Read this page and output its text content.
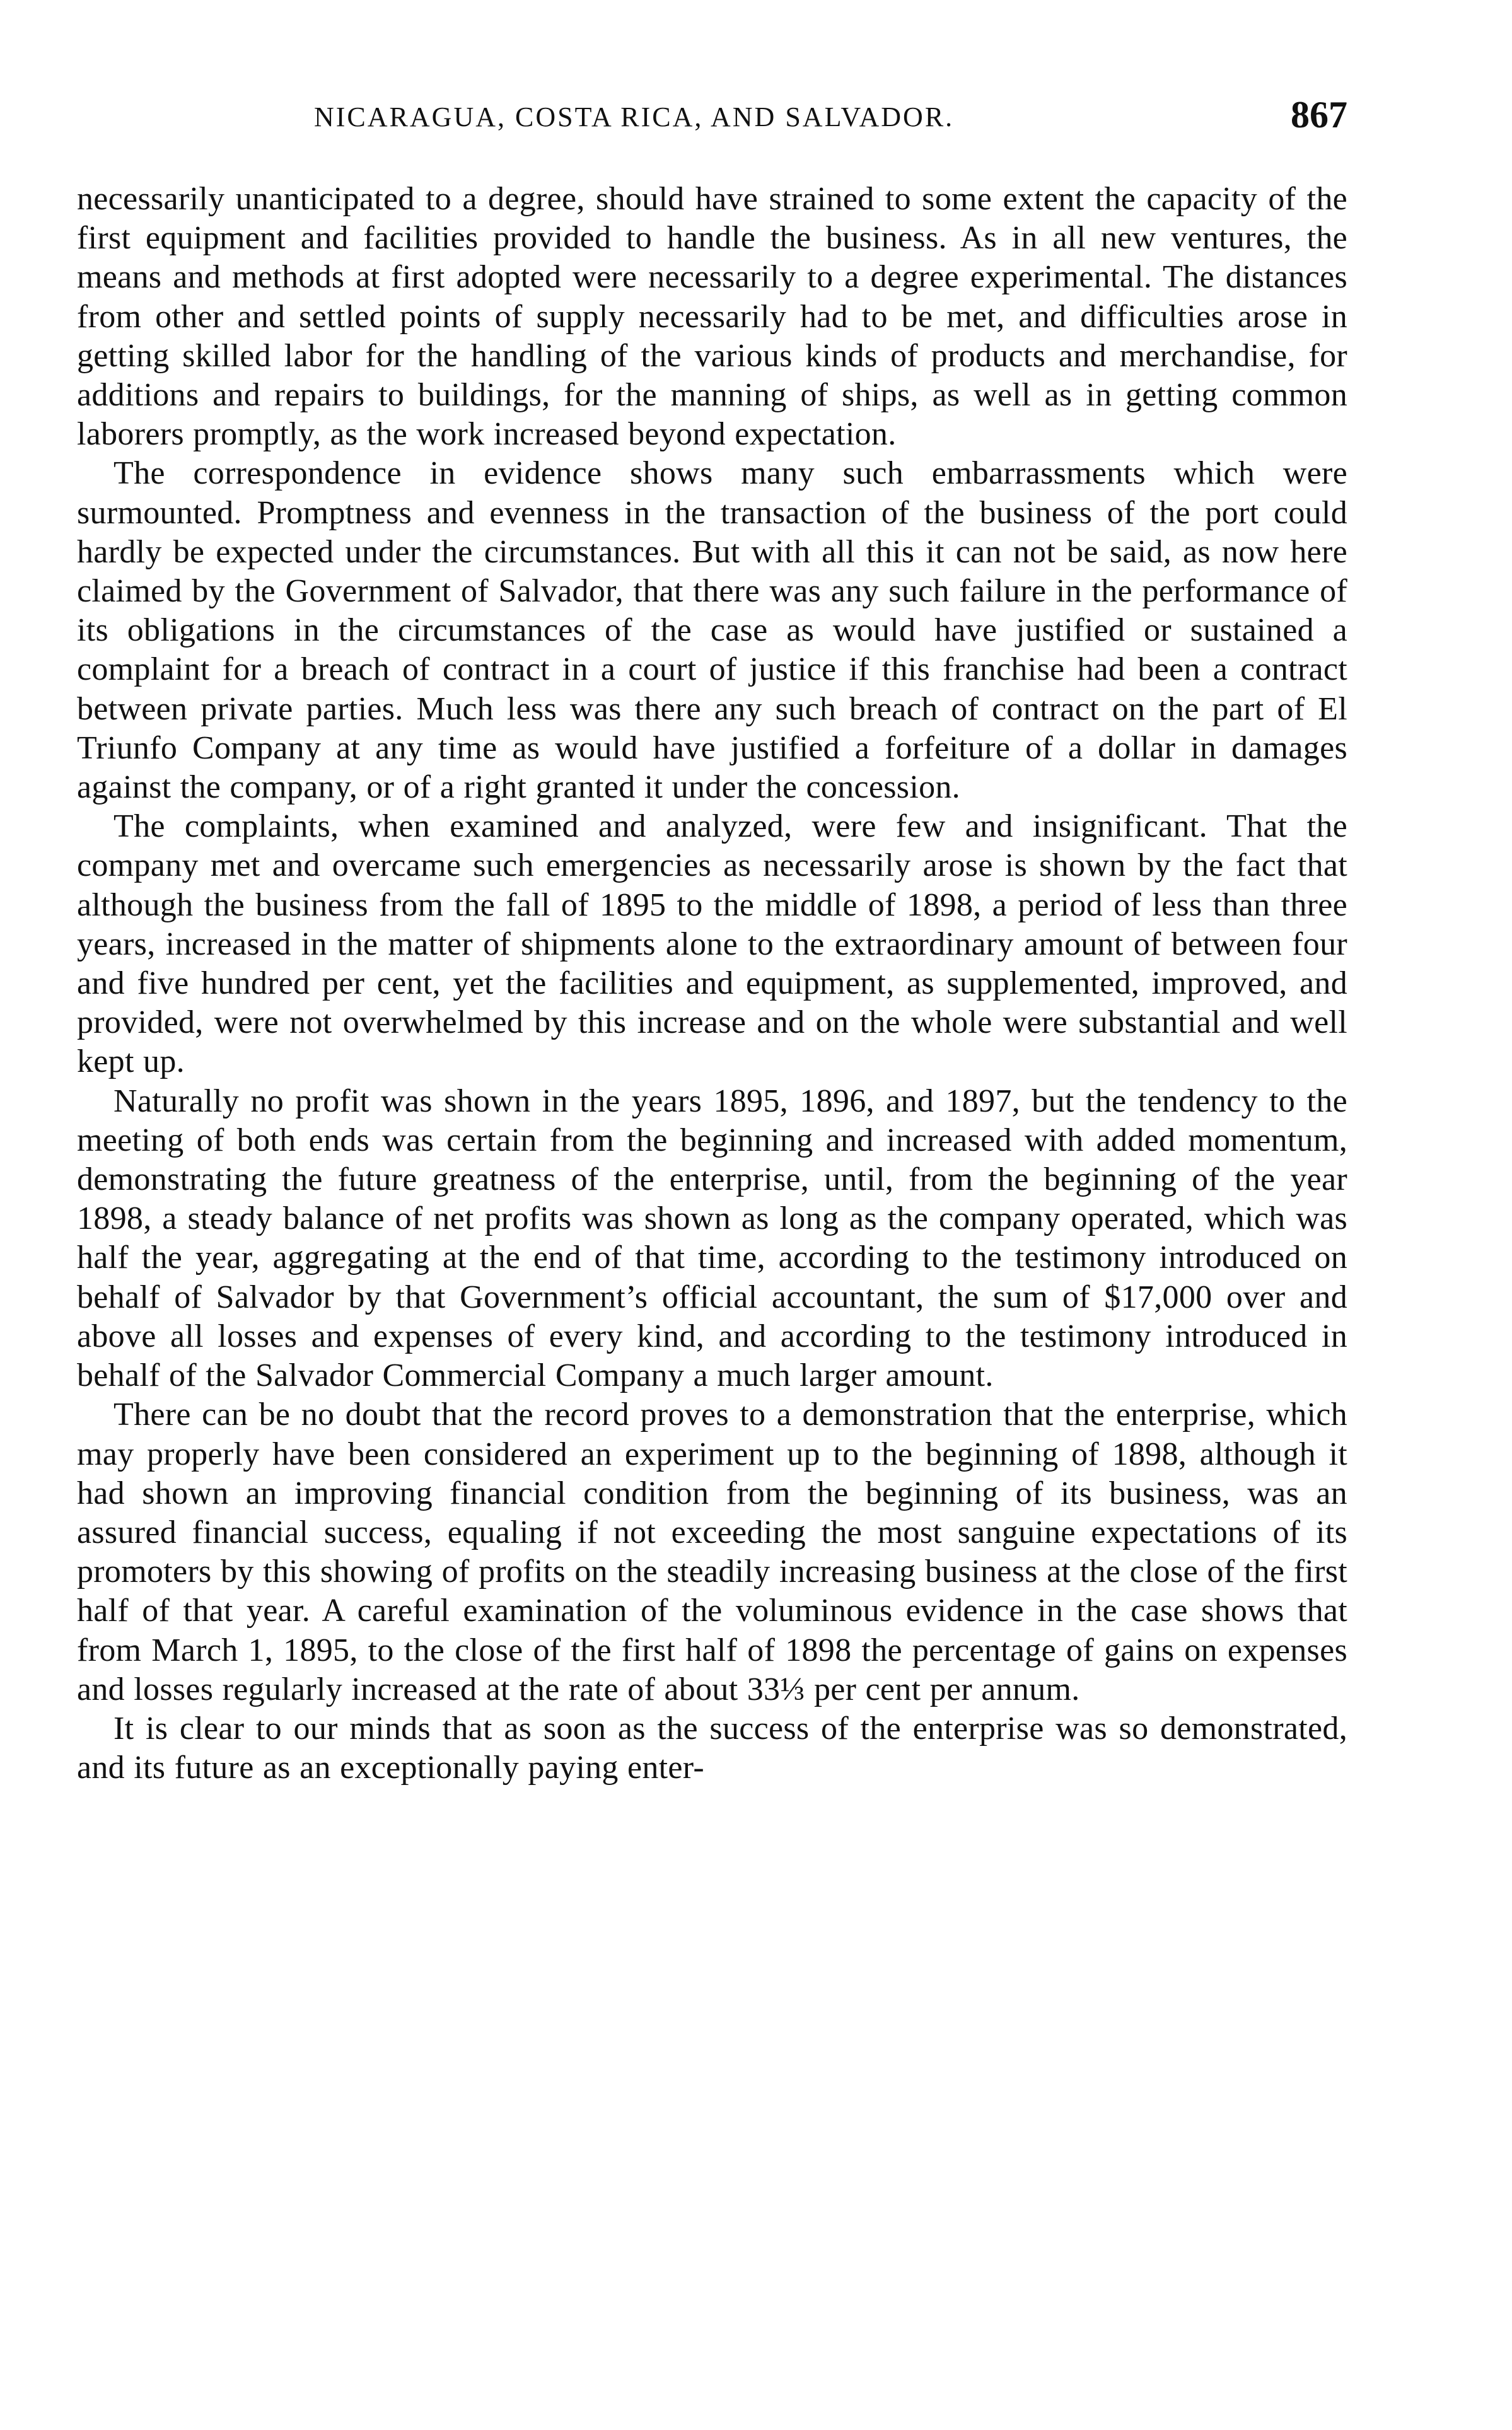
NICARAGUA, COSTA RICA, AND SALVADOR.	867

necessarily unanticipated to a degree, should have strained to some extent the capacity of the first equipment and facilities provided to handle the business. As in all new ventures, the means and methods at first adopted were necessarily to a degree experimental. The distances from other and settled points of supply necessarily had to be met, and difficulties arose in getting skilled labor for the handling of the various kinds of products and merchandise, for additions and repairs to buildings, for the manning of ships, as well as in getting common laborers promptly, as the work increased beyond expectation.

The correspondence in evidence shows many such embarrassments which were surmounted. Promptness and evenness in the transaction of the business of the port could hardly be expected under the circumstances. But with all this it can not be said, as now here claimed by the Government of Salvador, that there was any such failure in the performance of its obligations in the circumstances of the case as would have justified or sustained a complaint for a breach of contract in a court of justice if this franchise had been a contract between private parties. Much less was there any such breach of contract on the part of El Triunfo Company at any time as would have justified a forfeiture of a dollar in damages against the company, or of a right granted it under the concession.

The complaints, when examined and analyzed, were few and insignificant. That the company met and overcame such emergencies as necessarily arose is shown by the fact that although the business from the fall of 1895 to the middle of 1898, a period of less than three years, increased in the matter of shipments alone to the extraordinary amount of between four and five hundred per cent, yet the facilities and equipment, as supplemented, improved, and provided, were not overwhelmed by this increase and on the whole were substantial and well kept up.

Naturally no profit was shown in the years 1895, 1896, and 1897, but the tendency to the meeting of both ends was certain from the beginning and increased with added momentum, demonstrating the future greatness of the enterprise, until, from the beginning of the year 1898, a steady balance of net profits was shown as long as the company operated, which was half the year, aggregating at the end of that time, according to the testimony introduced on behalf of Salvador by that Government’s official accountant, the sum of $17,000 over and above all losses and expenses of every kind, and according to the testimony introduced in behalf of the Salvador Commercial Company a much larger amount.

There can be no doubt that the record proves to a demonstration that the enterprise, which may properly have been considered an experiment up to the beginning of 1898, although it had shown an improving financial condition from the beginning of its business, was an assured financial success, equaling if not exceeding the most sanguine expectations of its promoters by this showing of profits on the steadily increasing business at the close of the first half of that year. A careful examination of the voluminous evidence in the case shows that from March 1, 1895, to the close of the first half of 1898 the percentage of gains on expenses and losses regularly increased at the rate of about 33⅓ per cent per annum.

It is clear to our minds that as soon as the success of the enterprise was so demonstrated, and its future as an exceptionally paying enter-
